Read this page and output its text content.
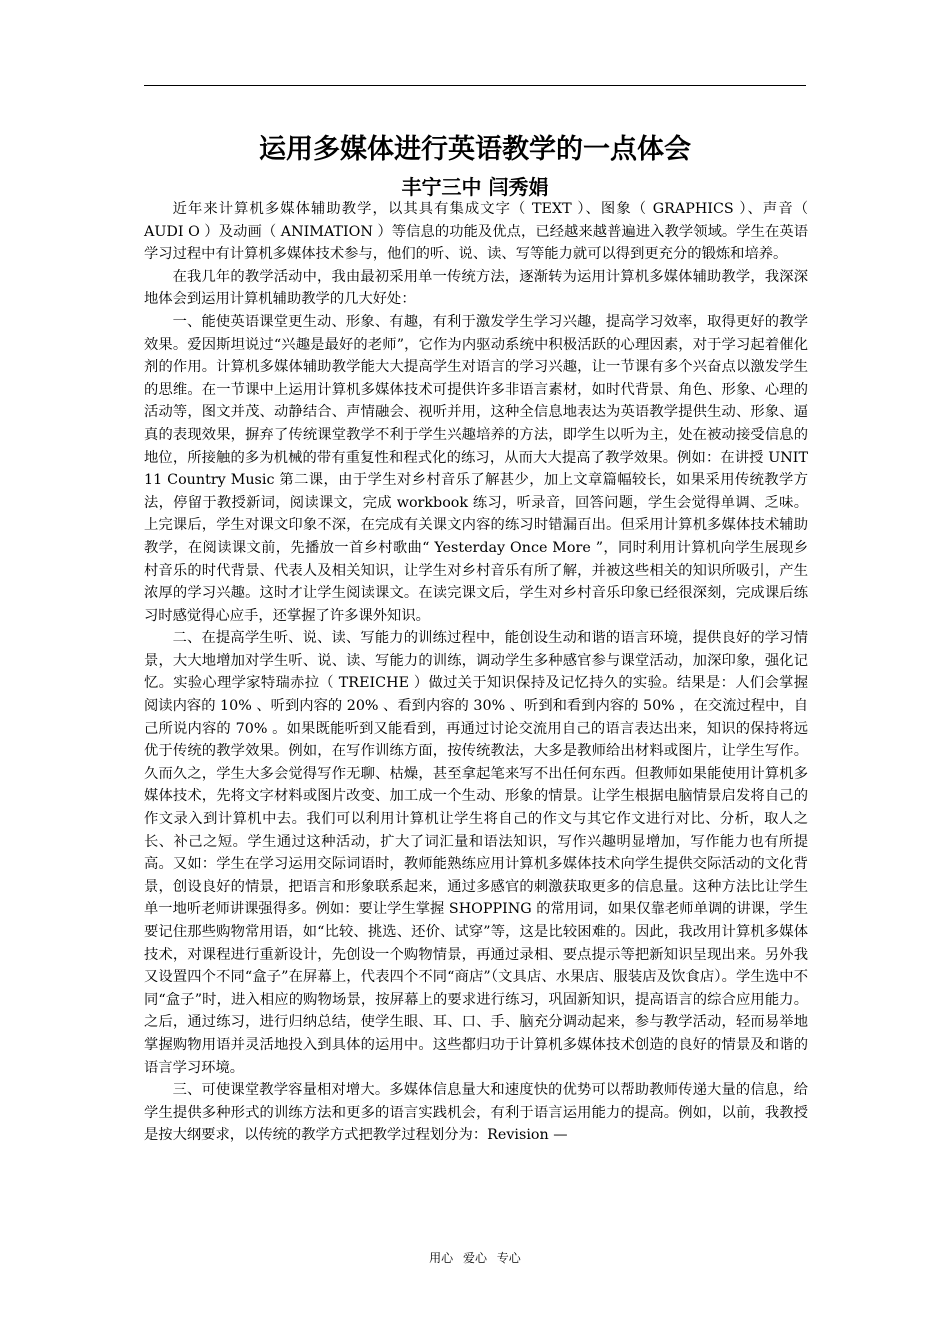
运用多媒体进行英语教学的一点体会
丰宁三中 闫秀娟

近年来计算机多媒体辅助教学，以其具有集成文字（ TEXT ）、图象（ GRAPHICS ）、声音（ AUDI O ）及动画（ ANIMATION ）等信息的功能及优点，已经越来越普遍进入教学领域。学生在英语学习过程中有计算机多媒体技术参与，他们的听、说、读、写等能力就可以得到更充分的锻炼和培养。

在我几年的教学活动中，我由最初采用单一传统方法，逐渐转为运用计算机多媒体辅助教学，我深深地体会到运用计算机辅助教学的几大好处：

一、能使英语课堂更生动、形象、有趣，有利于激发学生学习兴趣，提高学习效率，取得更好的教学效果。爱因斯坦说过“兴趣是最好的老师”，它作为内驱动系统中积极活跃的心理因素，对于学习起着催化剂的作用。计算机多媒体辅助教学能大大提高学生对语言的学习兴趣，让一节课有多个兴奋点以激发学生的思维。在一节课中上运用计算机多媒体技术可提供许多非语言素材，如时代背景、角色、形象、心理的活动等，图文并茂、动静结合、声情融会、视听并用，这种全信息地表达为英语教学提供生动、形象、逼真的表现效果，摒弃了传统课堂教学不利于学生兴趣培养的方法，即学生以听为主，处在被动接受信息的地位，所接触的多为机械的带有重复性和程式化的练习，从而大大提高了教学效果。例如：在讲授 UNIT 11 Country Music 第二课，由于学生对乡村音乐了解甚少，加上文章篇幅较长，如果采用传统教学方法，停留于教授新词，阅读课文，完成 workbook 练习，听录音，回答问题，学生会觉得单调、乏味。上完课后，学生对课文印象不深，在完成有关课文内容的练习时错漏百出。但采用计算机多媒体技术辅助教学，在阅读课文前，先播放一首乡村歌曲“ Yesterday Once More ”，同时利用计算机向学生展现乡村音乐的时代背景、代表人及相关知识，让学生对乡村音乐有所了解，并被这些相关的知识所吸引，产生浓厚的学习兴趣。这时才让学生阅读课文。在读完课文后，学生对乡村音乐印象已经很深刻，完成课后练习时感觉得心应手，还掌握了许多课外知识。

二、在提高学生听、说、读、写能力的训练过程中，能创设生动和谐的语言环境，提供良好的学习情景，大大地增加对学生听、说、读、写能力的训练，调动学生多种感官参与课堂活动，加深印象，强化记忆。实验心理学家特瑞赤拉（ TREICHE ）做过关于知识保持及记忆持久的实验。结果是：人们会掌握阅读内容的 10% 、听到内容的 20% 、看到内容的 30% 、听到和看到内容的 50% ，在交流过程中，自己所说内容的 70% 。如果既能听到又能看到，再通过讨论交流用自己的语言表达出来，知识的保持将远优于传统的教学效果。例如，在写作训练方面，按传统教法，大多是教师给出材料或图片，让学生写作。久而久之，学生大多会觉得写作无聊、枯燥，甚至拿起笔来写不出任何东西。但教师如果能使用计算机多媒体技术，先将文字材料或图片改变、加工成一个生动、形象的情景。让学生根据电脑情景启发将自己的作文录入到计算机中去。我们可以利用计算机让学生将自己的作文与其它作文进行对比、分析，取人之长、补己之短。学生通过这种活动，扩大了词汇量和语法知识，写作兴趣明显增加，写作能力也有所提高。又如：学生在学习运用交际词语时，教师能熟练应用计算机多媒体技术向学生提供交际活动的文化背景，创设良好的情景，把语言和形象联系起来，通过多感官的刺激获取更多的信息量。这种方法比让学生单一地听老师讲课强得多。例如：要让学生掌握 SHOPPING 的常用词，如果仅靠老师单调的讲课，学生要记住那些购物常用语，如“比较、挑选、还价、试穿”等，这是比较困难的。因此，我改用计算机多媒体技术，对课程进行重新设计，先创设一个购物情景，再通过录相、要点提示等把新知识呈现出来。另外我又设置四个不同“盒子”在屏幕上，代表四个不同“商店”（文具店、水果店、服装店及饮食店）。学生选中不同“盒子”时，进入相应的购物场景，按屏幕上的要求进行练习，巩固新知识，提高语言的综合应用能力。之后，通过练习，进行归纳总结，使学生眼、耳、口、手、脑充分调动起来，参与教学活动，轻而易举地掌握购物用语并灵活地投入到具体的运用中。这些都归功于计算机多媒体技术创造的良好的情景及和谐的语言学习环境。

三、可使课堂教学容量相对增大。多媒体信息量大和速度快的优势可以帮助教师传递大量的信息，给学生提供多种形式的训练方法和更多的语言实践机会，有利于语言运用能力的提高。例如，以前，我教授是按大纲要求，以传统的教学方式把教学过程划分为：Revision —

用心 爱心 专心
